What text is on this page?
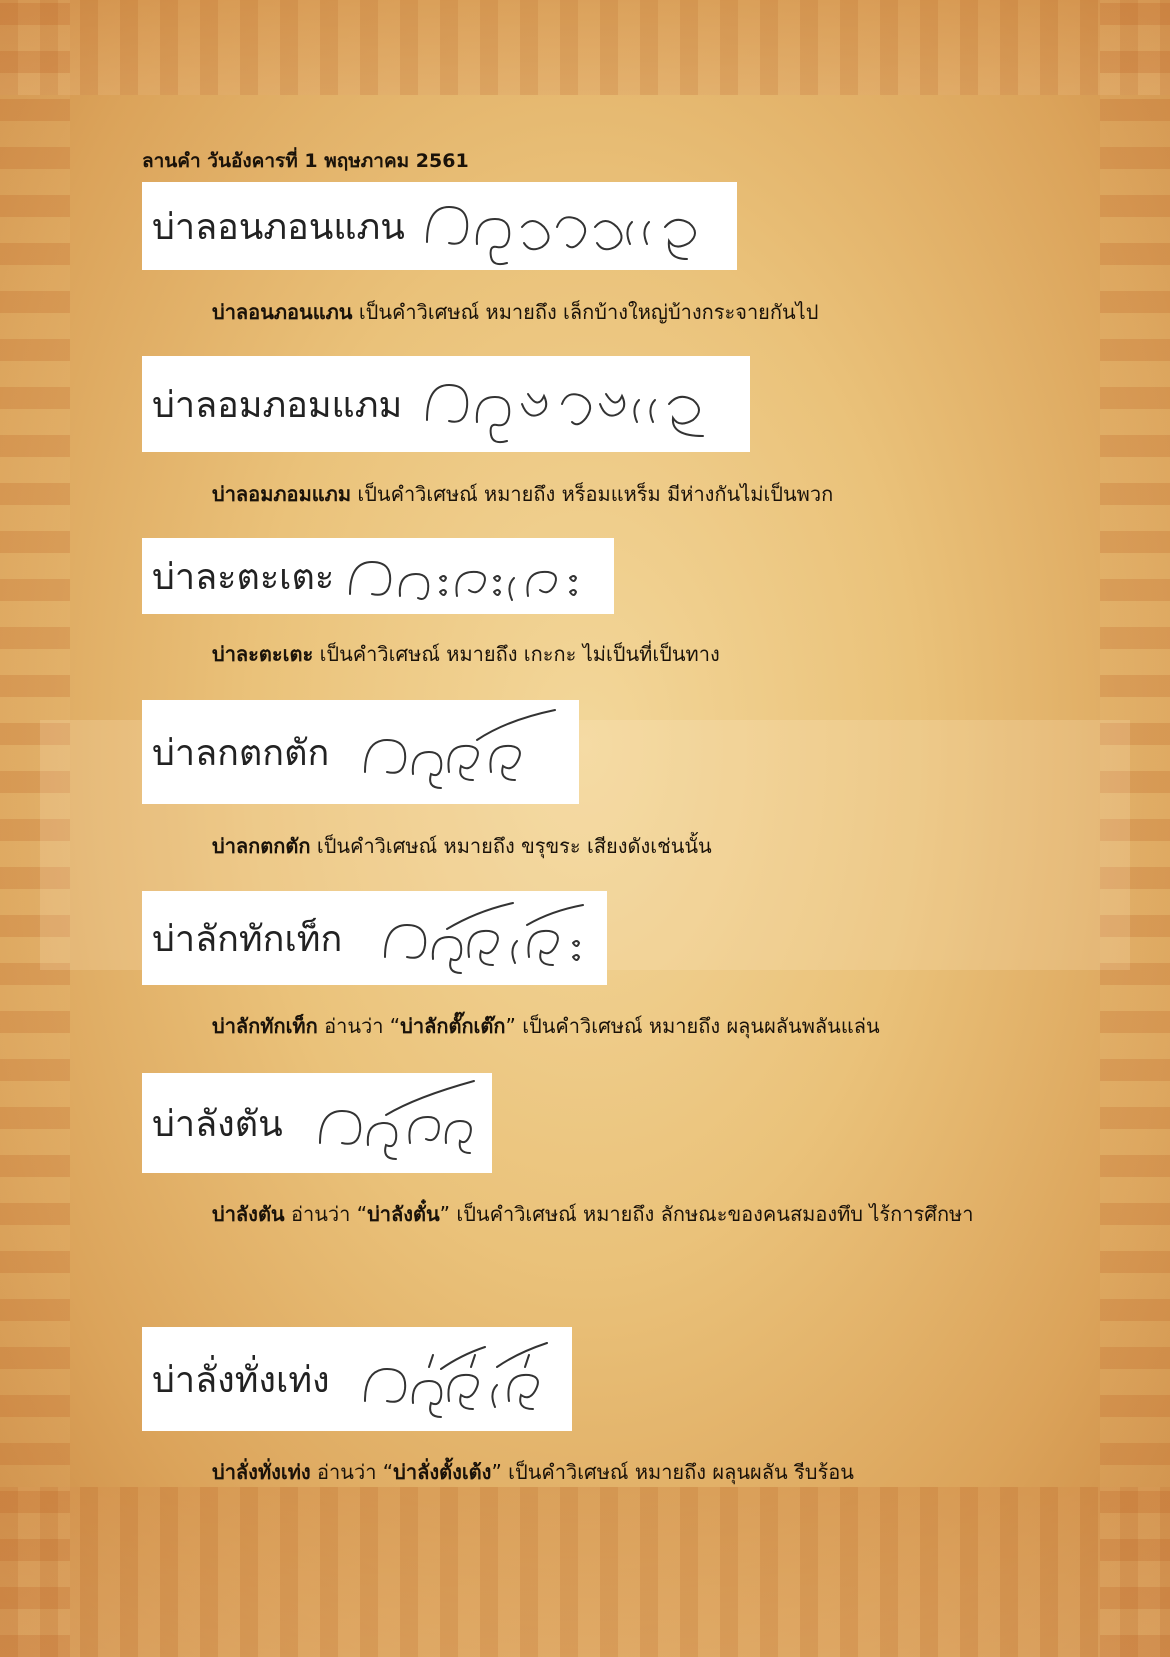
ลานคำ วันอังคารที่ 1 พฤษภาคม 2561
บ่าลอนภอนแภน

บ่าลอนภอนแภน เป็นคำวิเศษณ์ หมายถึง เล็กบ้างใหญ่บ้างกระจายกันไป

บ่าลอมภอมแภม

บ่าลอมภอมแภม เป็นคำวิเศษณ์ หมายถึง หร็อมแหร็ม มีห่างกันไม่เป็นพวก

บ่าละตะเตะ

บ่าละตะเตะ เป็นคำวิเศษณ์ หมายถึง เกะกะ ไม่เป็นที่เป็นทาง

บ่าลกตกตัก

บ่าลกตกตัก เป็นคำวิเศษณ์ หมายถึง ขรุขระ เสียงดังเช่นนั้น

บ่าลักทักเท็ก

บ่าลักทักเท็ก อ่านว่า “บ่าลักตั๊กเต๊ก” เป็นคำวิเศษณ์ หมายถึง ผลุนผลันพลันแล่น

บ่าลังตัน

บ่าลังตัน อ่านว่า “บ่าลังตั๋น” เป็นคำวิเศษณ์ หมายถึง ลักษณะของคนสมองทึบ ไร้การศึกษา

บ่าลั่งทั่งเท่ง

บ่าลั่งทั่งเท่ง อ่านว่า “บ่าลั่งตั้งเต้ง” เป็นคำวิเศษณ์ หมายถึง ผลุนผลัน รีบร้อน
